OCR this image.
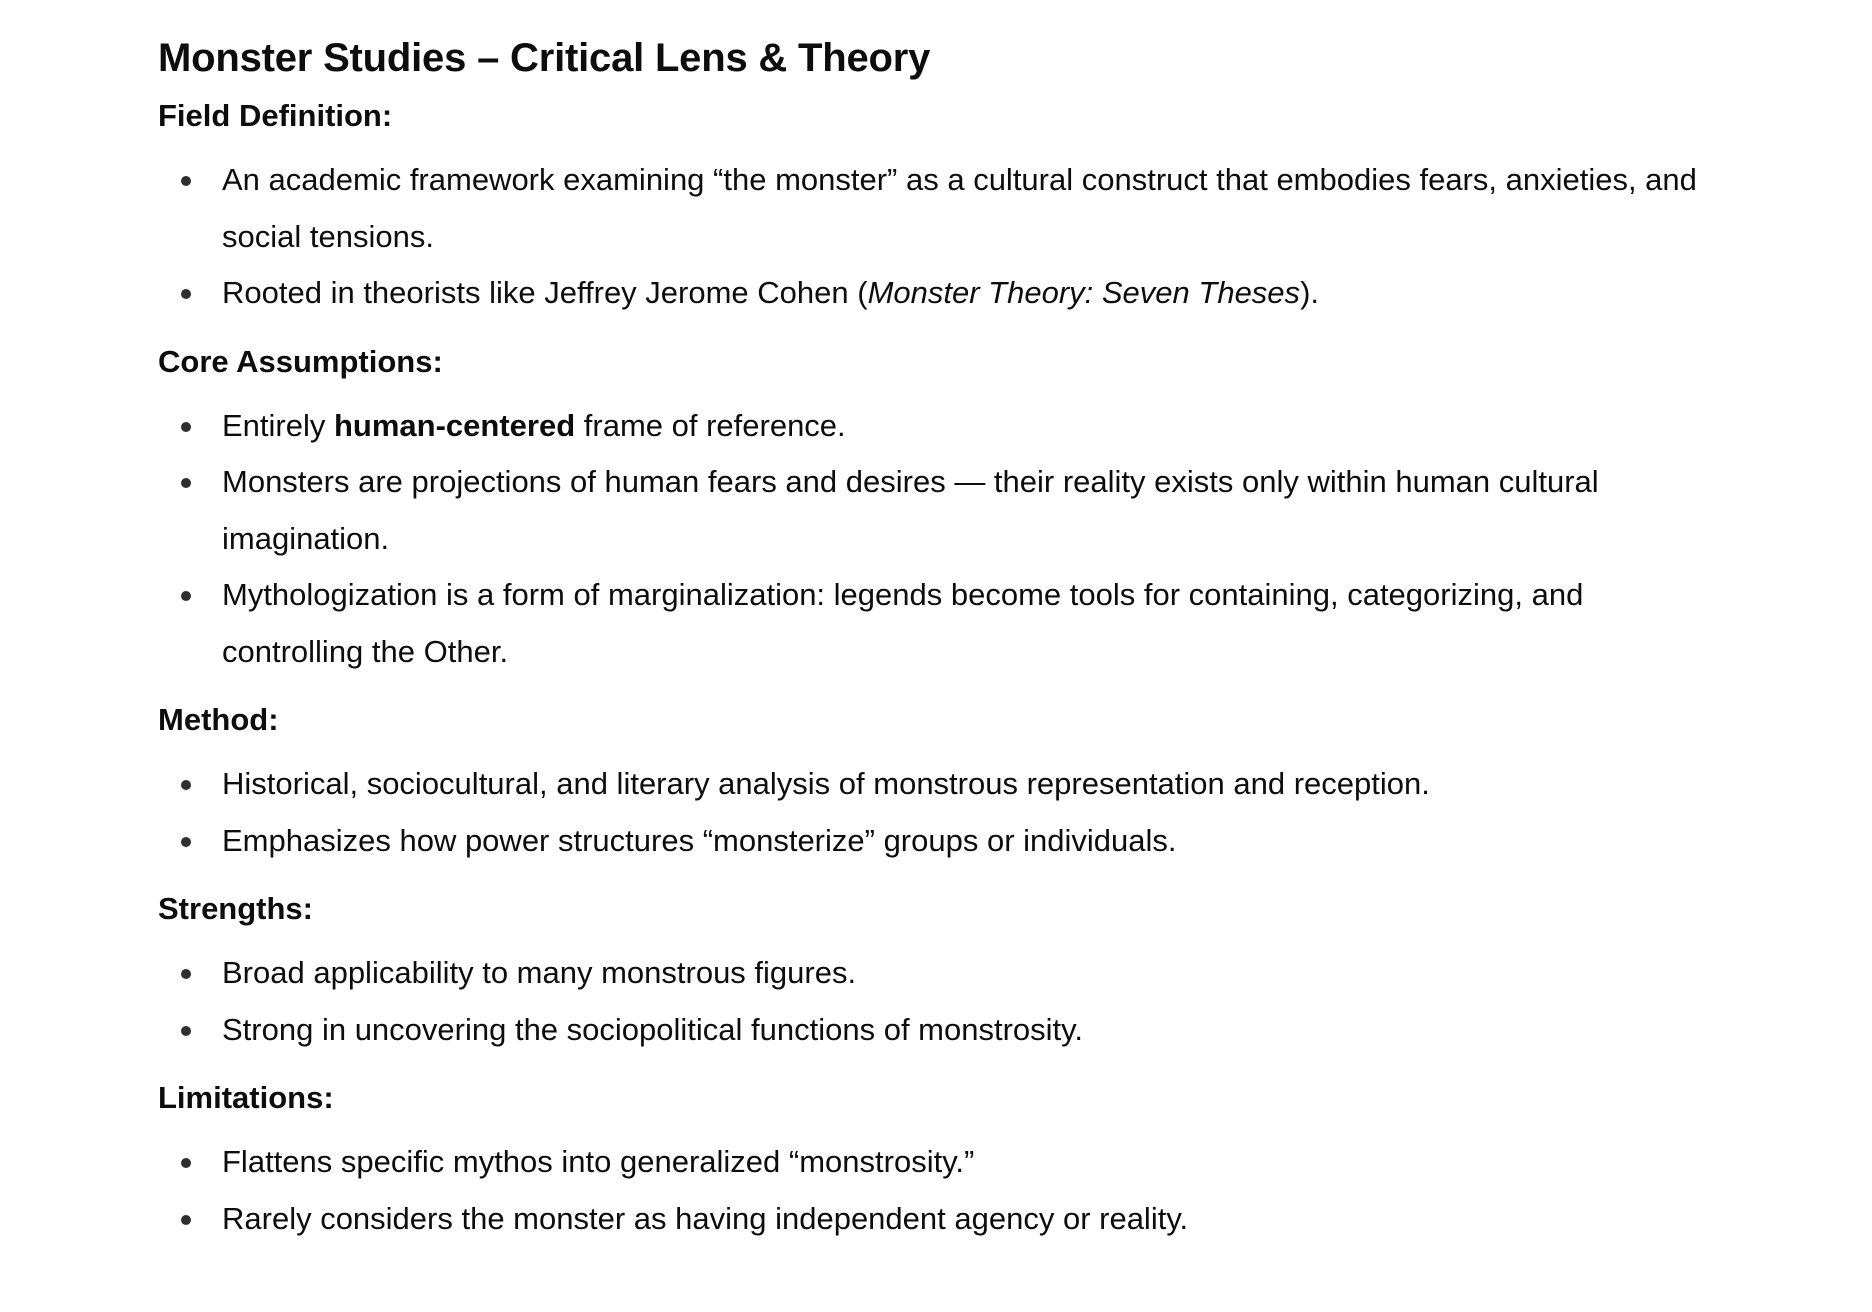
Monster Studies – Critical Lens & Theory
Field Definition:
An academic framework examining “the monster” as a cultural construct that embodies fears, anxieties, and social tensions.
Rooted in theorists like Jeffrey Jerome Cohen (Monster Theory: Seven Theses).
Core Assumptions:
Entirely human-centered frame of reference.
Monsters are projections of human fears and desires — their reality exists only within human cultural imagination.
Mythologization is a form of marginalization: legends become tools for containing, categorizing, and controlling the Other.
Method:
Historical, sociocultural, and literary analysis of monstrous representation and reception.
Emphasizes how power structures “monsterize” groups or individuals.
Strengths:
Broad applicability to many monstrous figures.
Strong in uncovering the sociopolitical functions of monstrosity.
Limitations:
Flattens specific mythos into generalized “monstrosity.”
Rarely considers the monster as having independent agency or reality.
